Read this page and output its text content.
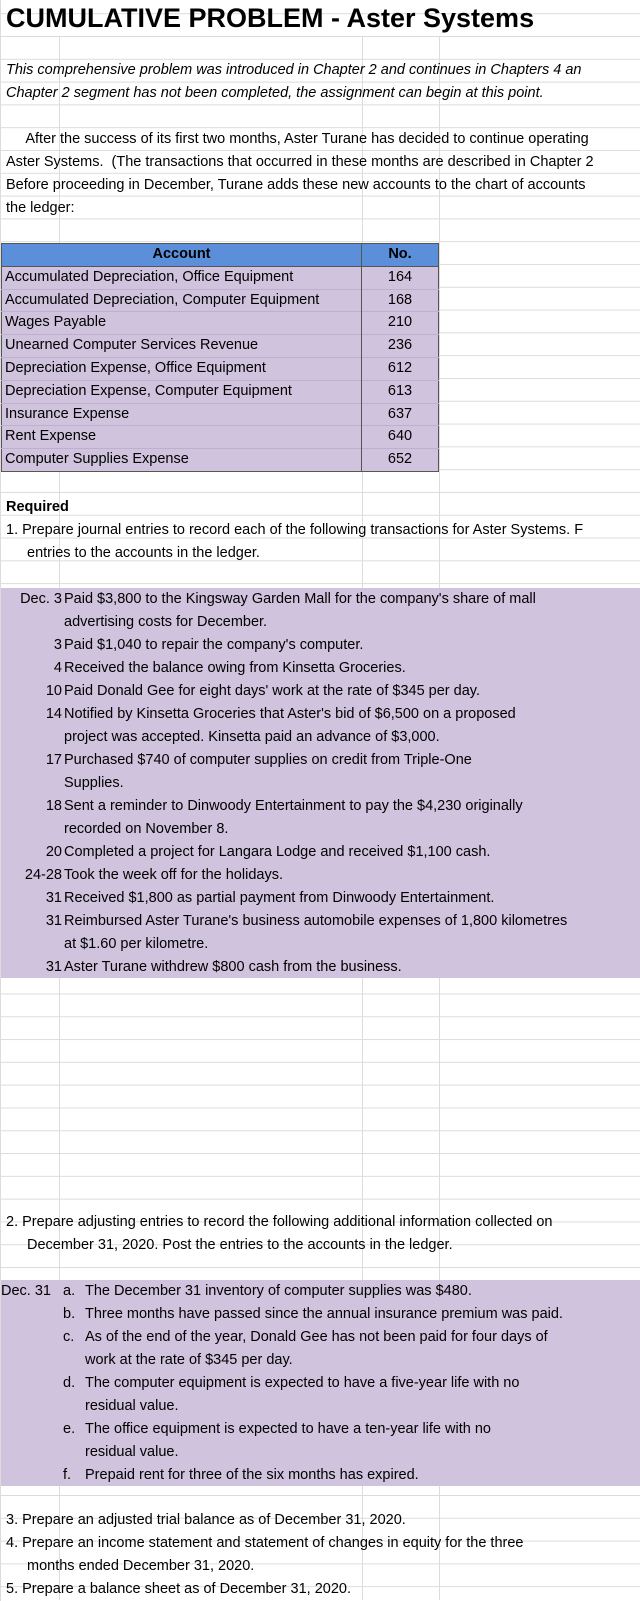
CUMULATIVE PROBLEM - Aster Systems
This comprehensive problem was introduced in Chapter 2 and continues in Chapters 4 an
Chapter 2 segment has not been completed, the assignment can begin at this point.
After the success of its first two months, Aster Turane has decided to continue operating
Aster Systems.  (The transactions that occurred in these months are described in Chapter 2
Before proceeding in December, Turane adds these new accounts to the chart of accounts
the ledger:
Account	No.
Accumulated Depreciation, Office Equipment	164
Accumulated Depreciation, Computer Equipment	168
Wages Payable	210
Unearned Computer Services Revenue	236
Depreciation Expense, Office Equipment	612
Depreciation Expense, Computer Equipment	613
Insurance Expense	637
Rent Expense	640
Computer Supplies Expense	652
Required
1. Prepare journal entries to record each of the following transactions for Aster Systems. F
entries to the accounts in the ledger.
Dec. 3 Paid $3,800 to the Kingsway Garden Mall for the company's share of mall
advertising costs for December.
3 Paid $1,040 to repair the company's computer.
4 Received the balance owing from Kinsetta Groceries.
10 Paid Donald Gee for eight days' work at the rate of $345 per day.
14 Notified by Kinsetta Groceries that Aster's bid of $6,500 on a proposed
project was accepted. Kinsetta paid an advance of $3,000.
17 Purchased $740 of computer supplies on credit from Triple-One
Supplies.
18 Sent a reminder to Dinwoody Entertainment to pay the $4,230 originally
recorded on November 8.
20 Completed a project for Langara Lodge and received $1,100 cash.
24-28 Took the week off for the holidays.
31 Received $1,800 as partial payment from Dinwoody Entertainment.
31 Reimbursed Aster Turane's business automobile expenses of 1,800 kilometres
at $1.60 per kilometre.
31 Aster Turane withdrew $800 cash from the business.
2. Prepare adjusting entries to record the following additional information collected on
December 31, 2020. Post the entries to the accounts in the ledger.
Dec. 31 a. The December 31 inventory of computer supplies was $480.
b. Three months have passed since the annual insurance premium was paid.
c. As of the end of the year, Donald Gee has not been paid for four days of
work at the rate of $345 per day.
d. The computer equipment is expected to have a five-year life with no
residual value.
e. The office equipment is expected to have a ten-year life with no
residual value.
f. Prepaid rent for three of the six months has expired.
3. Prepare an adjusted trial balance as of December 31, 2020.
4. Prepare an income statement and statement of changes in equity for the three
months ended December 31, 2020.
5. Prepare a balance sheet as of December 31, 2020.
